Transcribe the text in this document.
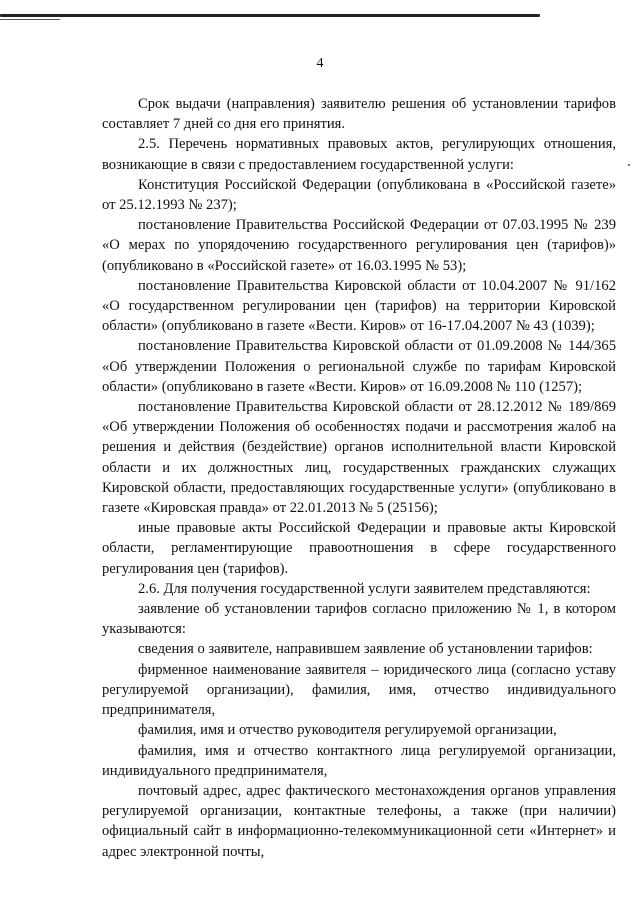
4

Срок выдачи (направления) заявителю решения об установлении тарифов составляет 7 дней со дня его принятия.

2.5. Перечень нормативных правовых актов, регулирующих отношения, возникающие в связи с предоставлением государственной услуги:

Конституция Российской Федерации (опубликована в «Российской газете» от 25.12.1993 № 237);

постановление Правительства Российской Федерации от 07.03.1995 № 239 «О мерах по упорядочению государственного регулирования цен (тарифов)» (опубликовано в «Российской газете» от 16.03.1995 № 53);

постановление Правительства Кировской области от 10.04.2007 № 91/162 «О государственном регулировании цен (тарифов) на территории Кировской области» (опубликовано в газете «Вести. Киров» от 16-17.04.2007 № 43 (1039);

постановление Правительства Кировской области от 01.09.2008 № 144/365 «Об утверждении Положения о региональной службе по тарифам Кировской области» (опубликовано в газете «Вести. Киров» от 16.09.2008 № 110 (1257);

постановление Правительства Кировской области от 28.12.2012 № 189/869 «Об утверждении Положения об особенностях подачи и рассмотрения жалоб на решения и действия (бездействие) органов исполнительной власти Кировской области и их должностных лиц, государственных гражданских служащих Кировской области, предоставляющих государственные услуги» (опубликовано в газете «Кировская правда» от 22.01.2013 № 5 (25156);

иные правовые акты Российской Федерации и правовые акты Кировской области, регламентирующие правоотношения в сфере государственного регулирования цен (тарифов).

2.6. Для получения государственной услуги заявителем представляются:

заявление об установлении тарифов согласно приложению № 1, в котором указываются:

сведения о заявителе, направившем заявление об установлении тарифов:

фирменное наименование заявителя – юридического лица (согласно уставу регулируемой организации), фамилия, имя, отчество индивидуального предпринимателя,

фамилия, имя и отчество руководителя регулируемой организации,

фамилия, имя и отчество контактного лица регулируемой организации, индивидуального предпринимателя,

почтовый адрес, адрес фактического местонахождения органов управления регулируемой организации, контактные телефоны, а также (при наличии) официальный сайт в информационно-телекоммуникационной сети «Интернет» и адрес электронной почты,
